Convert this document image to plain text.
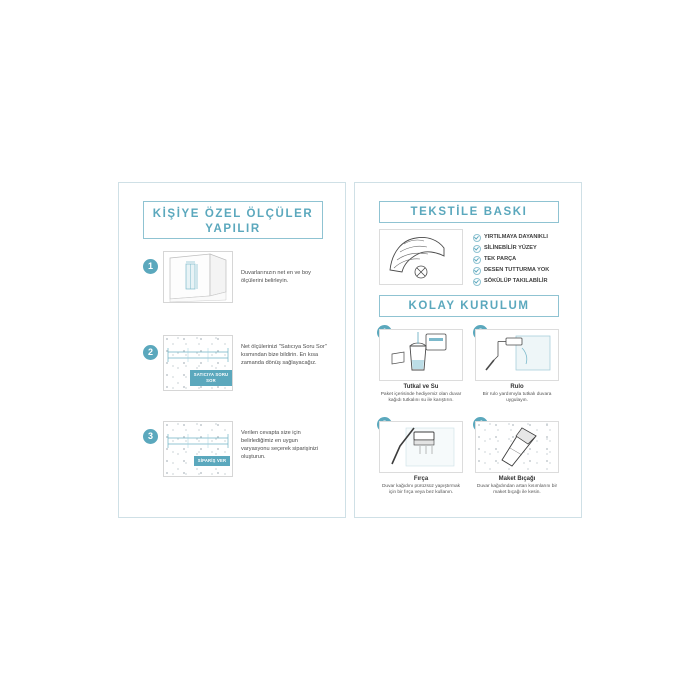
KİŞİYE ÖZEL ÖLÇÜLER
YAPILIR
1
Duvarlarınızın net en ve boy ölçülerini belirleyin.
2
SATICIYA SORU SOR
Net ölçülerinizi "Satıcıya Soru Sor" kısmından bize bildirin. En kısa zamanda dönüş sağlayacağız.
3
SİPARİŞ VER
Verilen cevapta size için belirlediğimiz en uygun varyasyonu seçerek siparişinizi oluşturun.
TEKSTİLE BASKI
YIRTILMAYA DAYANIKLI
SİLİNEBİLİR YÜZEY
TEK PARÇA
DESEN TUTTURMA YOK
SÖKÜLÜP TAKILABİLİR
KOLAY KURULUM
Tutkal ve Su
Paket içerisinde hediyemiz olan duvar kağıdı tutkalını su ile karıştırın.
Rulo
Bir rulo yardımıyla tutkalı duvara uygulayın.
Fırça
Duvar kağıdını pürüzsüz yapıştırmak için bir fırça veya bez kullanın.
Maket Bıçağı
Duvar kağıdından artan kısımlarını bir maket bıçağı ile kesin.
